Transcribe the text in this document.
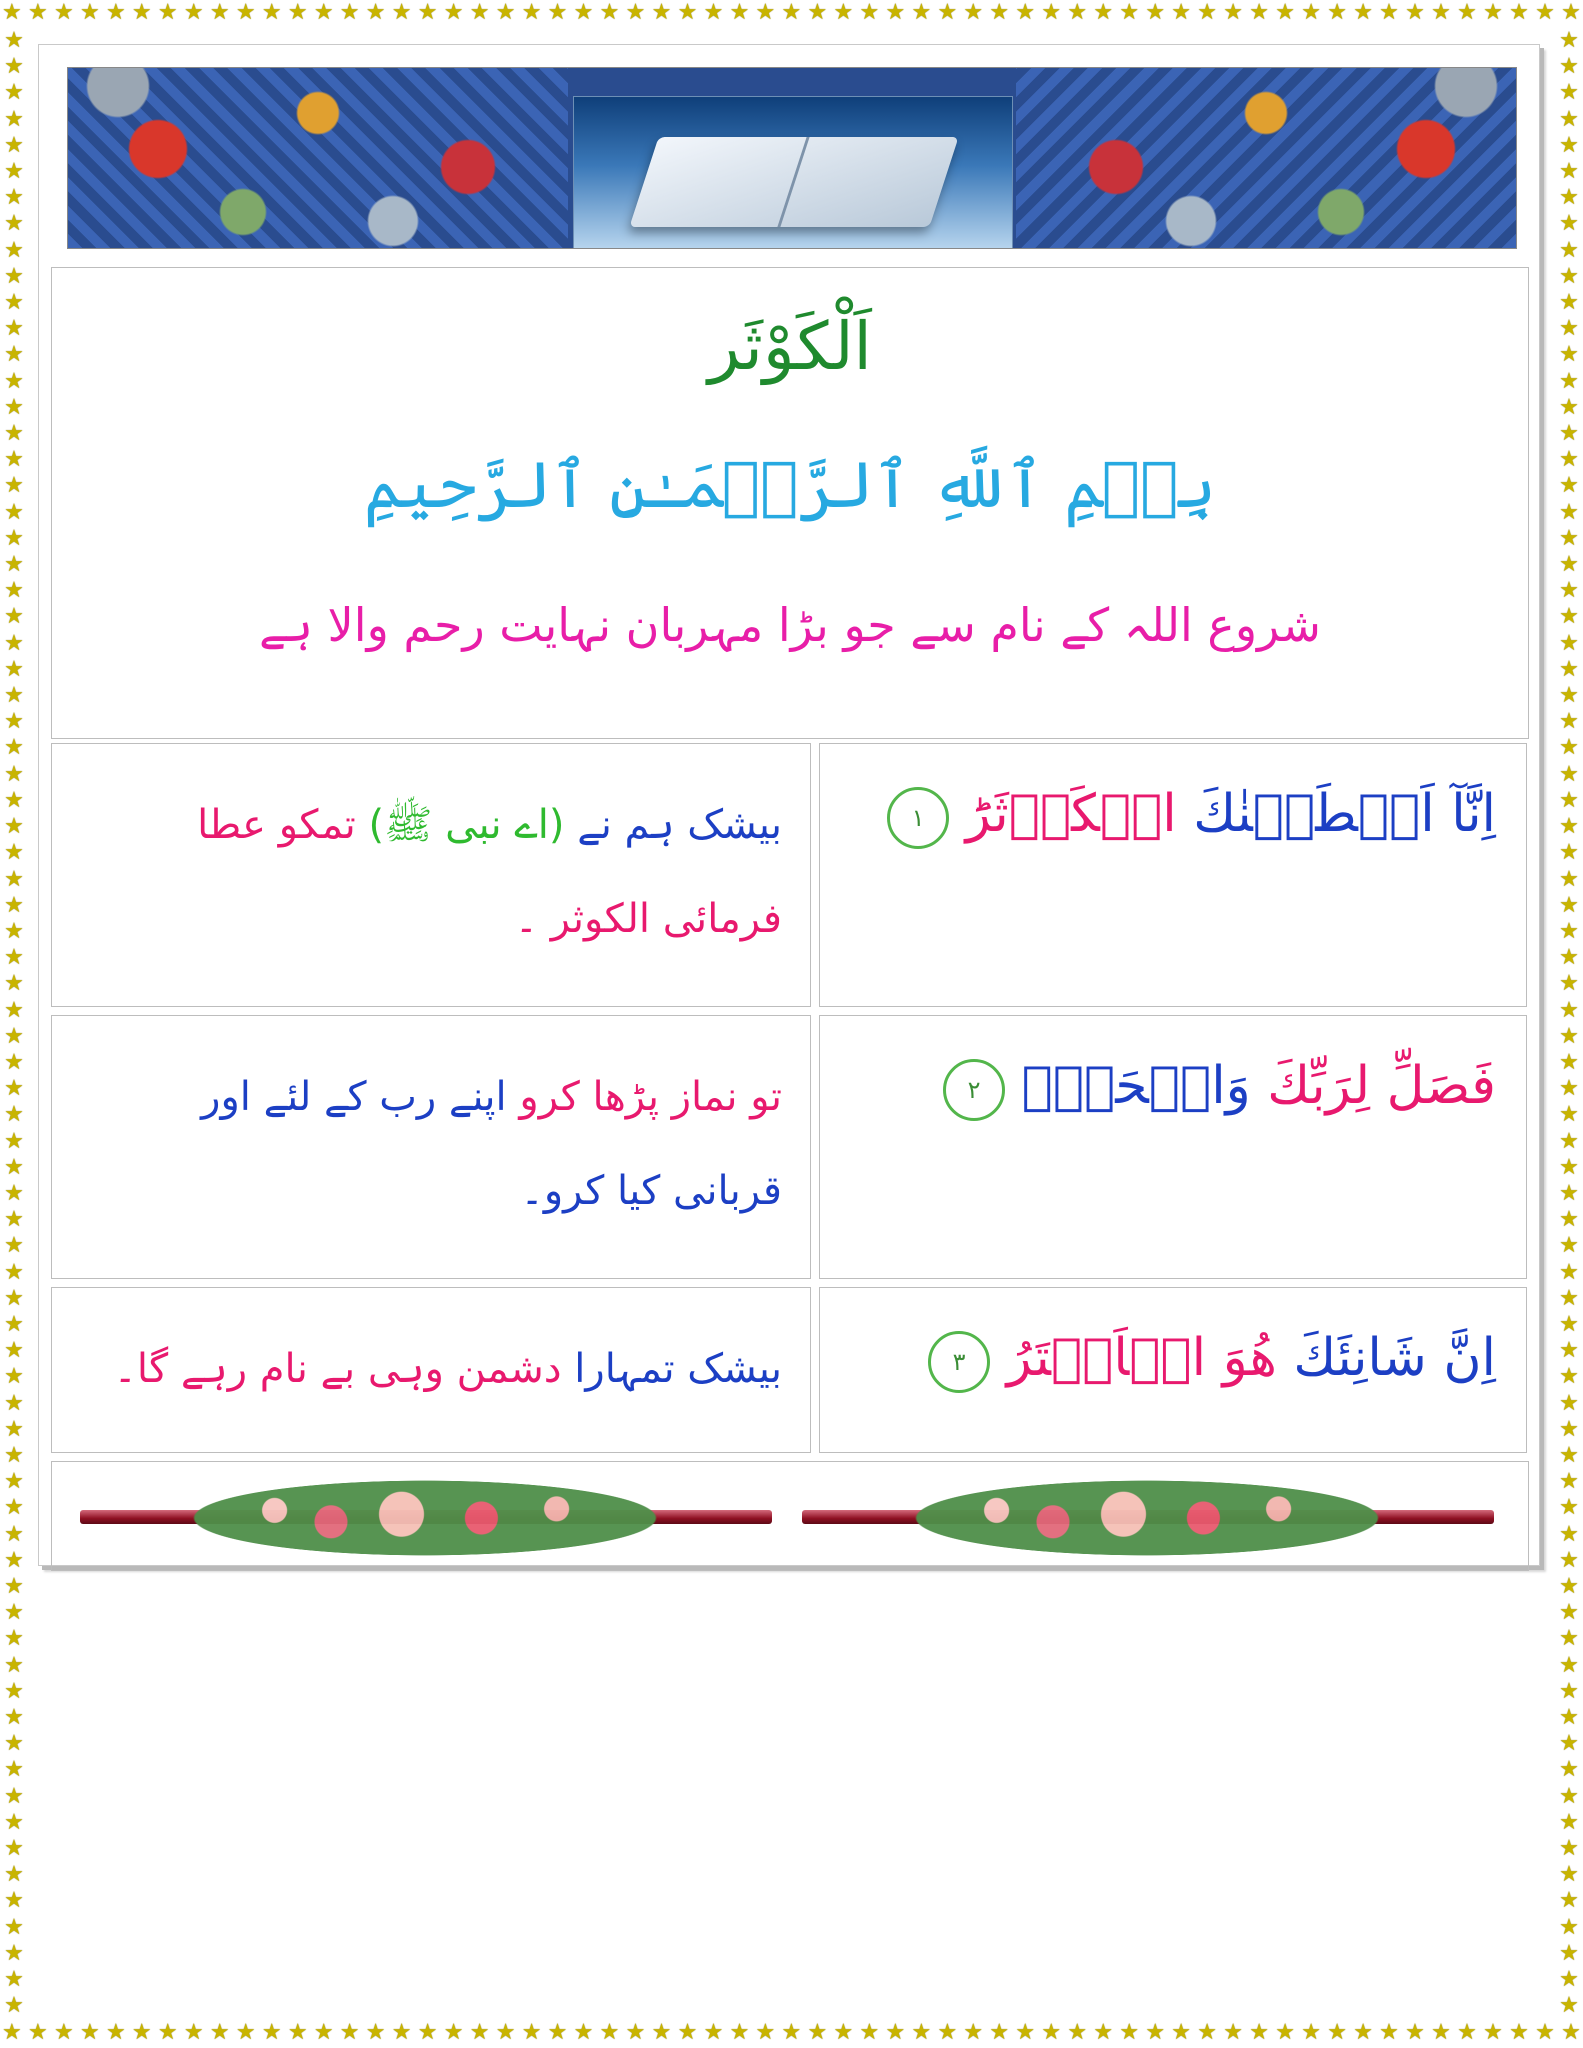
★ ★ ★ ★ ★ ★ ★ ★ ★ ★ ★ ★ ★ ★ ★ ★ ★ ★ ★ ★ ★ ★ ★ ★ ★ ★ ★ ★ ★ ★ ★ ★ ★ ★ ★ ★ ★ ★ ★ ★ ★ ★ ★ ★ ★ ★ ★ ★ ★ ★ ★ ★ ★ ★ ★ ★ ★ ★ ★ ★ ★
★ ★ ★ ★ ★ ★ ★ ★ ★ ★ ★ ★ ★ ★ ★ ★ ★ ★ ★ ★ ★ ★ ★ ★ ★ ★ ★ ★ ★ ★ ★ ★ ★ ★ ★ ★ ★ ★ ★ ★ ★ ★ ★ ★ ★ ★ ★ ★ ★ ★ ★ ★ ★ ★ ★ ★ ★ ★ ★ ★ ★
★
★
★
★
★
★
★
★
★
★
★
★
★
★
★
★
★
★
★
★
★
★
★
★
★
★
★
★
★
★
★
★
★
★
★
★
★
★
★
★
★
★
★
★
★
★
★
★
★
★
★
★
★
★
★
★
★
★
★
★
★
★
★
★
★
★
★
★
★
★
★
★
★
★
★
★
★
★
★
★
★
★
★
★
★
★
★
★
★
★
★
★
★
★
★
★
★
★
★
★
★
★
★
★
★
★
★
★
★
★
★
★
★
★
★
★
★
★
★
★
★
★
★
★
★
★
★
★
★
★
★
★
★
★
★
★
★
★
★
★
★
★
★
★
★
★
★
★
★
★
★
★
اَلْکَوْثَر
بِسۡمِ ٱللَّهِ ٱلرَّحۡمَـٰنِ ٱلرَّحِيمِ
شروع اللہ کے نام سے جو بڑا مہربان نہایت رحم والا ہے
بیشک ہم نے (اے نبی ﷺ) تمکو عطا فرمائی الکوثر ۔
اِنَّآ اَعۡطَيۡنٰكَ الۡكَوۡثَرَؕ ١
تو نماز پڑھا کرو اپنے رب کے لئے اور قربانی کیا کرو۔
فَصَلِّ لِرَبِّكَ وَانۡحَرۡؕ ٢
بیشک تمہارا دشمن وہی بے نام رہے گا۔	اِنَّ شَانِئَكَ هُوَ الۡاَبۡتَرُ ٣
